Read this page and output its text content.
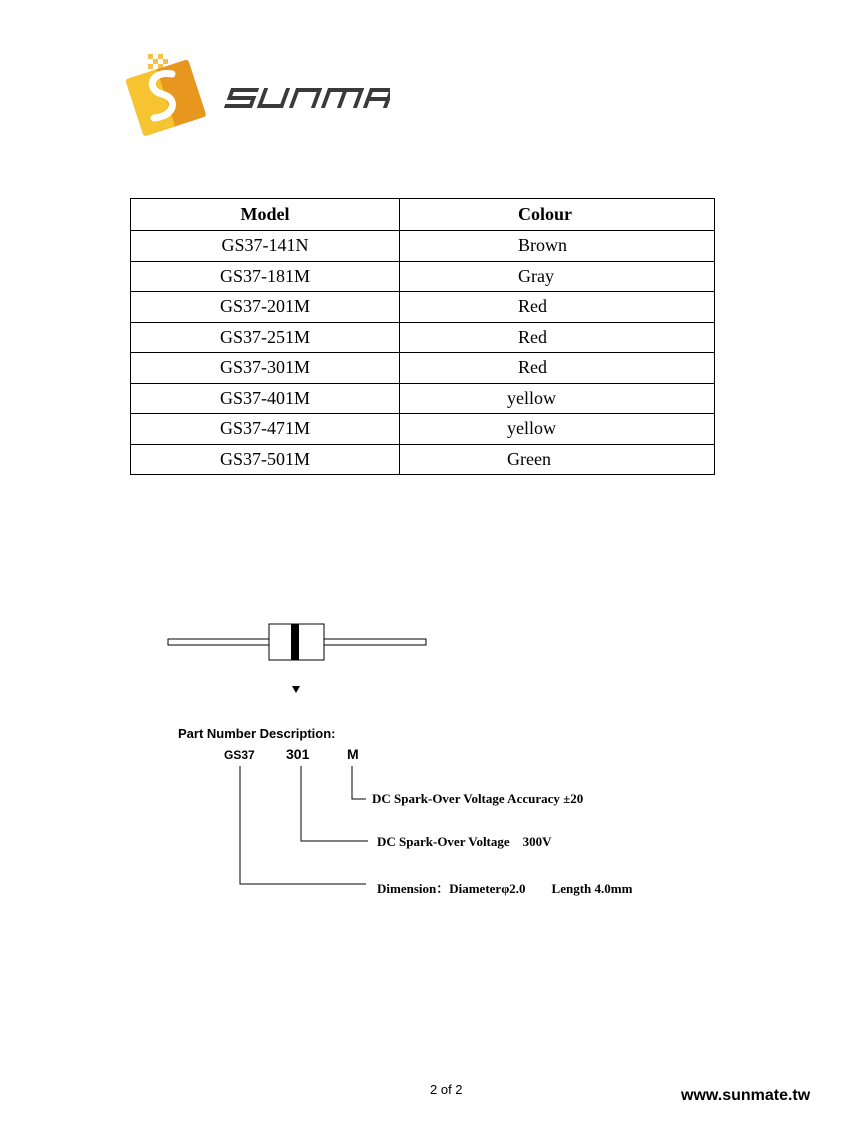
Model	Colour
GS37-141N	Brown
GS37-181M	Gray
GS37-201M	Red
GS37-251M	Red
GS37-301M	Red
GS37-401M	yellow
GS37-471M	yellow
GS37-501M	Green
Part Number Description:
GS37 301	M
DC Spark-Over Voltage Accuracy ±20
DC Spark-Over Voltage    300V
Dimension：Diameterφ2.0        Length 4.0mm
2 of 2	www.sunmate.tw
